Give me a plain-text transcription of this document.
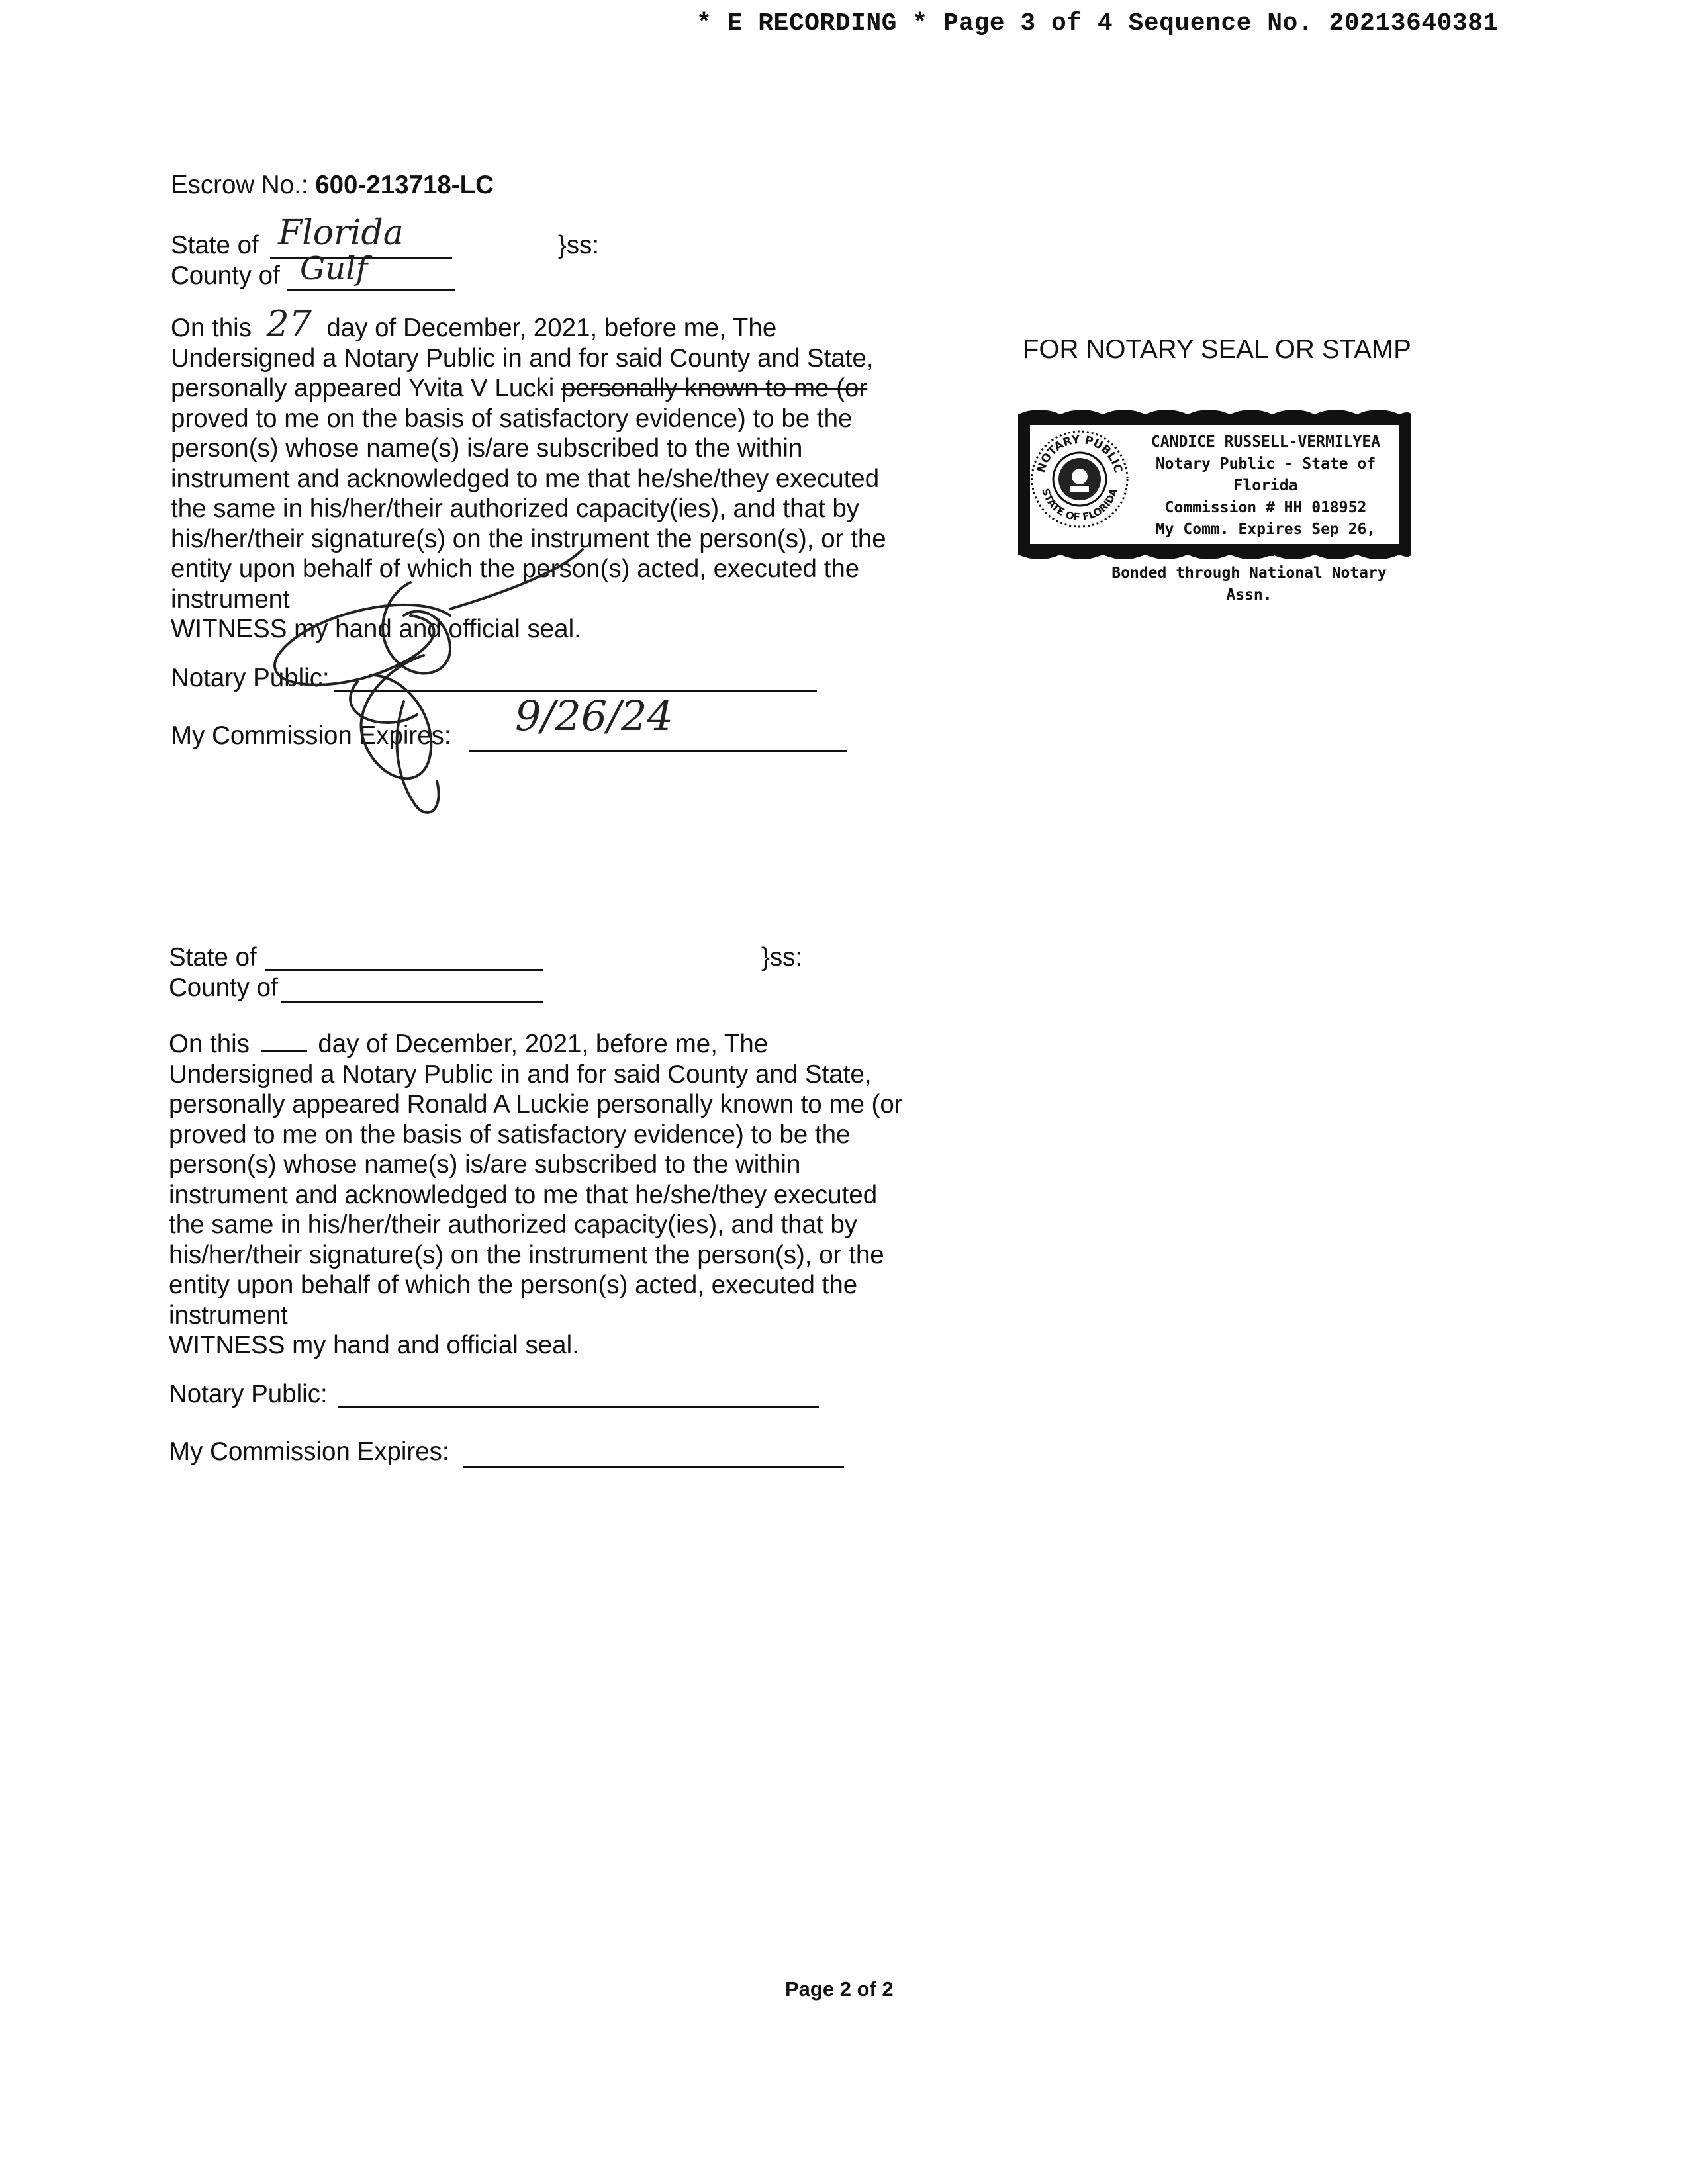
* E RECORDING * Page 3 of 4 Sequence No. 20213640381
Escrow No.: 600-213718-LC
State of Florida	}ss:
County of Gulf
On this 27 day of December, 2021, before me, The
Undersigned a Notary Public in and for said County and State,
personally appeared Yvita V Lucki personally known to me (or
proved to me on the basis of satisfactory evidence) to be the
person(s) whose name(s) is/are subscribed to the within
instrument and acknowledged to me that he/she/they executed
the same in his/her/their authorized capacity(ies), and that by
his/her/their signature(s) on the instrument the person(s), or the
entity upon behalf of which the person(s) acted, executed the
instrument
WITNESS my hand and official seal.
Notary Public:
My Commission Expires: 9/26/24
FOR NOTARY SEAL OR STAMP
NOTARY PUBLIC
STATE OF FLORIDA
CANDICE RUSSELL-VERMILYEA
Notary Public - State of Florida
Commission # HH 018952
My Comm. Expires Sep 26, 2024
Bonded through National Notary Assn.
State of	}ss:
County of
On this	day of December, 2021, before me, The
Undersigned a Notary Public in and for said County and State,
personally appeared Ronald A Luckie personally known to me (or
proved to me on the basis of satisfactory evidence) to be the
person(s) whose name(s) is/are subscribed to the within
instrument and acknowledged to me that he/she/they executed
the same in his/her/their authorized capacity(ies), and that by
his/her/their signature(s) on the instrument the person(s), or the
entity upon behalf of which the person(s) acted, executed the
instrument
WITNESS my hand and official seal.
Notary Public:
My Commission Expires:
Page 2 of 2
